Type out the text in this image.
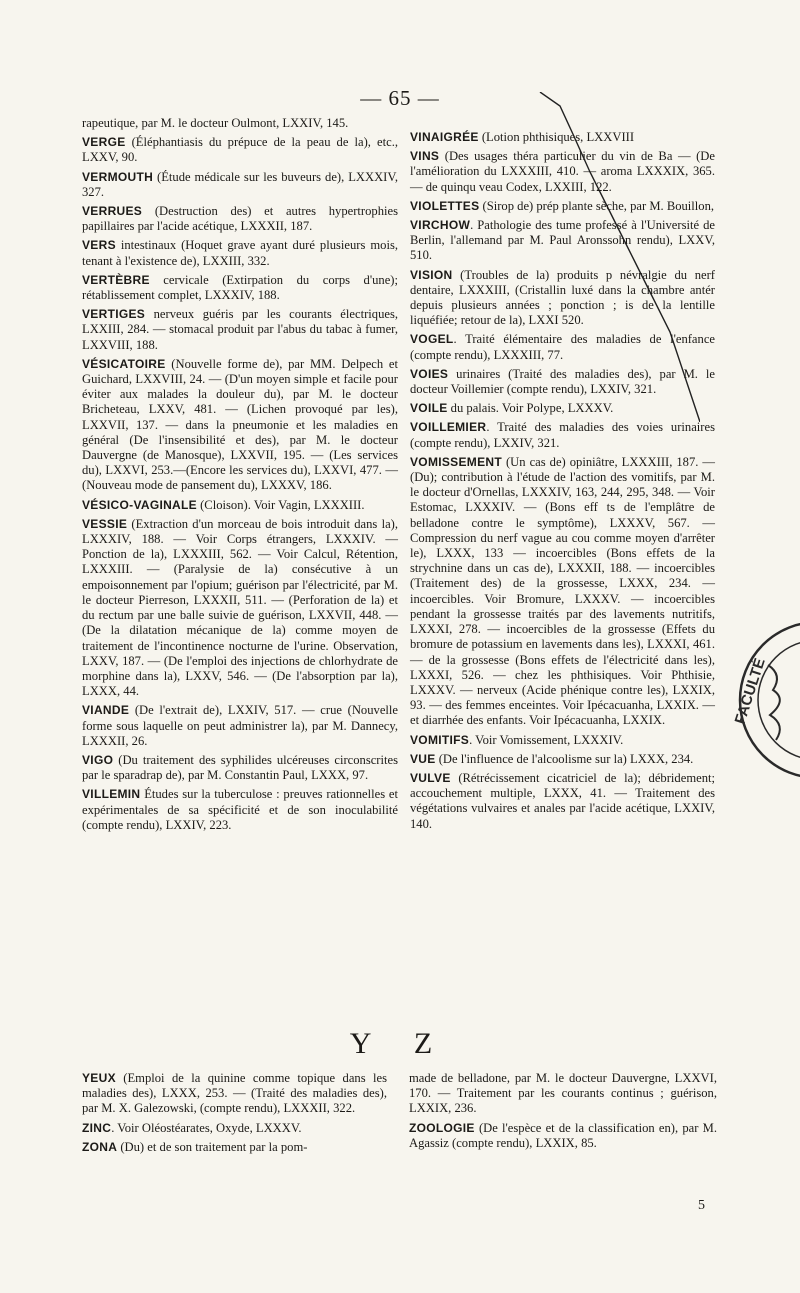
— 65 —
rapeutique, par M. le docteur Oulmont, LXXIV, 145.
VERGE (Éléphantiasis du prépuce de la peau de la), etc., LXXV, 90.
VERMOUTH (Étude médicale sur les buveurs de), LXXXIV, 327.
VERRUES (Destruction des) et autres hypertrophies papillaires par l'acide acétique, LXXXII, 187.
VERS intestinaux (Hoquet grave ayant duré plusieurs mois, tenant à l'existence de), LXXIII, 332.
VERTÈBRE cervicale (Extirpation du corps d'une); rétablissement complet, LXXXIV, 188.
VERTIGES nerveux guéris par les courants électriques, LXXIII, 284. — stomacal produit par l'abus du tabac à fumer, LXXVIII, 188.
VÉSICATOIRE (Nouvelle forme de), par MM. Delpech et Guichard, LXXVIII, 24. — (D'un moyen simple et facile pour éviter aux malades la douleur du), par M. le docteur Bricheteau, LXXV, 481. — (Lichen provoqué par les), LXXVII, 137. — dans la pneumonie et les maladies en général (De l'insensibilité et des), par M. le docteur Dauvergne (de Manosque), LXXVII, 195. — (Les services du), LXXVI, 253.—(Encore les services du), LXXVI, 477. — (Nouveau mode de pansement du), LXXXV, 186.
VÉSICO-VAGINALE (Cloison). Voir Vagin, LXXXIII.
VESSIE (Extraction d'un morceau de bois introduit dans la), LXXXIV, 188. — Voir Corps étrangers, LXXXIV. — Ponction de la), LXXXIII, 562. — Voir Calcul, Rétention, LXXXIII. — (Paralysie de la) consécutive à un empoisonnement par l'opium; guérison par l'électricité, par M. le docteur Pierreson, LXXXII, 511. — (Perforation de la) et du rectum par une balle suivie de guérison, LXXVII, 448. — (De la dilatation mécanique de la) comme moyen de traitement de l'incontinence nocturne de l'urine. Observation, LXXV, 187. — (De l'emploi des injections de chlorhydrate de morphine dans la), LXXV, 546. — (De l'absorption par la), LXXX, 44.
VIANDE (De l'extrait de), LXXIV, 517. — crue (Nouvelle forme sous laquelle on peut administrer la), par M. Dannecy, LXXXII, 26.
VIGO (Du traitement des syphilides ulcéreuses circonscrites par le sparadrap de), par M. Constantin Paul, LXXX, 97.
VILLEMIN Études sur la tuberculose : preuves rationnelles et expérimentales de sa spécificité et de son inoculabilité (compte rendu), LXXIV, 223.
VINAIGRÉE (Lotion phthisiques, LXXVIII
VINS (Des usages théra particulier du vin de Ba — (De l'amélioration du LXXXIII, 410. — aroma LXXXIX, 365. — de quinqu veau Codex, LXXIII, 122.
VIOLETTES (Sirop de) prép plante sèche, par M. Bouillon,
VIRCHOW. Pathologie des tume professé à l'Université de Berlin, l'allemand par M. Paul Aronssohn rendu), LXXV, 510.
VISION (Troubles de la) produits p névralgie du nerf dentaire, LXXXIII, (Cristallin luxé dans la chambre antér depuis plusieurs années ; ponction ; is de la lentille liquéfiée; retour de la), LXXI 520.
VOGEL. Traité élémentaire des maladies de l'enfance (compte rendu), LXXXIII, 77.
VOIES urinaires (Traité des maladies des), par M. le docteur Voillemier (compte rendu), LXXIV, 321.
VOILE du palais. Voir Polype, LXXXV.
VOILLEMIER. Traité des maladies des voies urinaires (compte rendu), LXXIV, 321.
VOMISSEMENT (Un cas de) opiniâtre, LXXXIII, 187. — (Du); contribution à l'étude de l'action des vomitifs, par M. le docteur d'Ornellas, LXXXIV, 163, 244, 295, 348. — Voir Estomac, LXXXIV. — (Bons eff ts de l'emplâtre de belladone contre le symptôme), LXXXV, 567. — Compression du nerf vague au cou comme moyen d'arrêter le), LXXX, 133 — incoercibles (Bons effets de la strychnine dans un cas de), LXXXII, 188. — incoercibles (Traitement des) de la grossesse, LXXX, 234. — incoercibles. Voir Bromure, LXXXV. — incoercibles pendant la grossesse traités par des lavements nutritifs, LXXXI, 278. — incoercibles de la grossesse (Effets du bromure de potassium en lavements dans les), LXXXI, 461. — de la grossesse (Bons effets de l'électricité dans les), LXXXI, 526. — chez les phthisiques. Voir Phthisie, LXXXV. — nerveux (Acide phénique contre les), LXXIX, 93. — des femmes enceintes. Voir Ipécacuanha, LXXIX. — et diarrhée des enfants. Voir Ipécacuanha, LXXIX.
VOMITIFS. Voir Vomissement, LXXXIV.
VUE (De l'influence de l'alcoolisme sur la) LXXX, 234.
VULVE (Rétrécissement cicatriciel de la); débridement; accouchement multiple, LXXX, 41. — Traitement des végétations vulvaires et anales par l'acide acétique, LXXIV, 140.
Y Z
YEUX (Emploi de la quinine comme topique dans les maladies des), LXXX, 253. — (Traité des maladies des), par M. X. Galezowski, (compte rendu), LXXXII, 322.
ZINC. Voir Oléostéarates, Oxyde, LXXXV.
ZONA (Du) et de son traitement par la pom-
made de belladone, par M. le docteur Dauvergne, LXXVI, 170. — Traitement par les courants continus ; guérison, LXXIX, 236.
ZOOLOGIE (De l'espèce et de la classification en), par M. Agassiz (compte rendu), LXXIX, 85.
5
FACULTÉ
